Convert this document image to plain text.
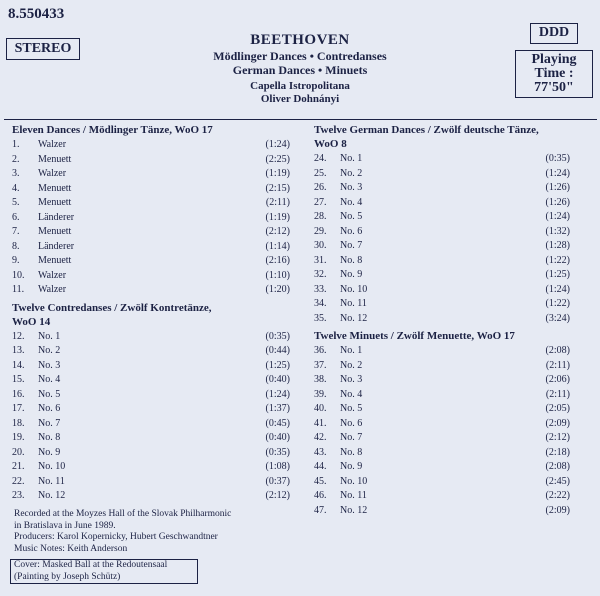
8.550433
STEREO
DDD
Playing
Time :
77'50"
BEETHOVEN
Mödlinger Dances • Contredanses
German Dances • Minuets
Capella Istropolitana
Oliver Dohnányi
Eleven Dances / Mödlinger Tänze, WoO 17
1. Walzer	(1:24)
2. Menuett	(2:25)
3. Walzer	(1:19)
4. Menuett	(2:15)
5. Menuett	(2:11)
6. Länderer	(1:19)
7. Menuett	(2:12)
8. Länderer	(1:14)
9. Menuett	(2:16)
10. Walzer	(1:10)
11. Walzer	(1:20)
Twelve Contredanses / Zwölf Kontretänze,
WoO 14
12. No. 1	(0:35)
13. No. 2	(0:44)
14. No. 3	(1:25)
15. No. 4	(0:40)
16. No. 5	(1:24)
17. No. 6	(1:37)
18. No. 7	(0:45)
19. No. 8	(0:40)
20. No. 9	(0:35)
21. No. 10	(1:08)
22. No. 11	(0:37)
23. No. 12	(2:12)
Twelve German Dances / Zwölf deutsche Tänze,
WoO 8
24. No. 1	(0:35)
25. No. 2	(1:24)
26. No. 3	(1:26)
27. No. 4	(1:26)
28. No. 5	(1:24)
29. No. 6	(1:32)
30. No. 7	(1:28)
31. No. 8	(1:22)
32. No. 9	(1:25)
33. No. 10	(1:24)
34. No. 11	(1:22)
35. No. 12	(3:24)
Twelve Minuets / Zwölf Menuette, WoO 17
36. No. 1	(2:08)
37. No. 2	(2:11)
38. No. 3	(2:06)
39. No. 4	(2:11)
40. No. 5	(2:05)
41. No. 6	(2:09)
42. No. 7	(2:12)
43. No. 8	(2:18)
44. No. 9	(2:08)
45. No. 10	(2:45)
46. No. 11	(2:22)
47. No. 12	(2:09)
Recorded at the Moyzes Hall of the Slovak Philharmonic
in Bratislava in June 1989.
Producers: Karol Kopernicky, Hubert Geschwandtner
Music Notes: Keith Anderson
Cover: Masked Ball at the Redoutensaal
(Painting by Joseph Schütz)
